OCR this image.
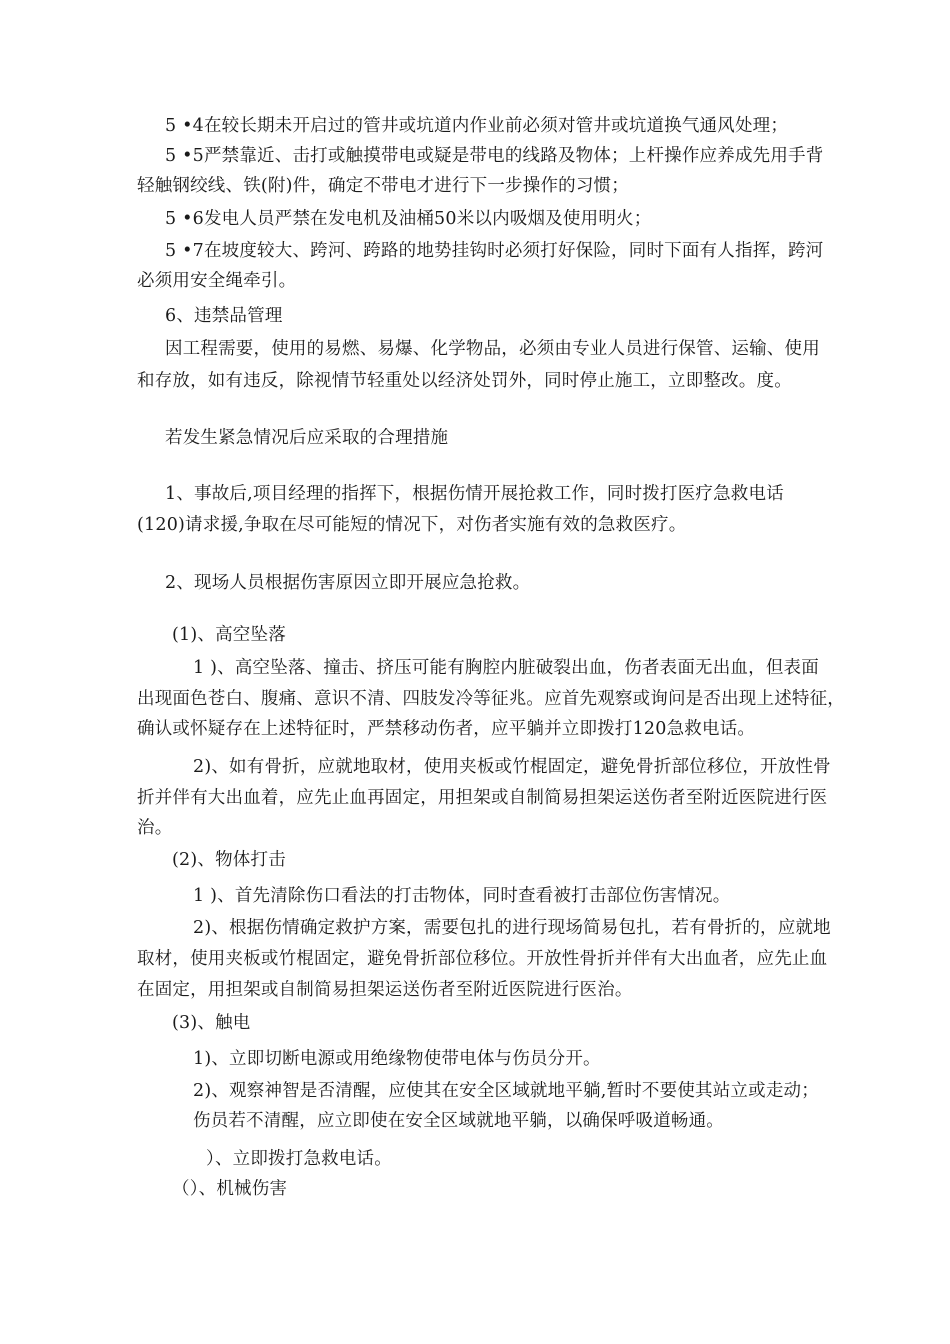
5 •4在较长期未开启过的管井或坑道内作业前必须对管井或坑道换气通风处理；
5 •5严禁靠近、击打或触摸带电或疑是带电的线路及物体；上杆操作应养成先用手背
轻触钢绞线、铁(附)件，确定不带电才进行下一步操作的习惯；
5 •6发电人员严禁在发电机及油桶50米以内吸烟及使用明火；
5 •7在坡度较大、跨河、跨路的地势挂钩时必须打好保险，同时下面有人指挥，跨河
必须用安全绳牵引。
6、违禁品管理
因工程需要，使用的易燃、易爆、化学物品，必须由专业人员进行保管、运输、使用
和存放，如有违反，除视情节轻重处以经济处罚外，同时停止施工，立即整改。度。
若发生紧急情况后应采取的合理措施
1、事故后,项目经理的指挥下，根据伤情开展抢救工作，同时拨打医疗急救电话
(120)请求援,争取在尽可能短的情况下，对伤者实施有效的急救医疗。
2、现场人员根据伤害原因立即开展应急抢救。
(1)、高空坠落
1 )、高空坠落、撞击、挤压可能有胸腔内脏破裂出血，伤者表面无出血，但表面
出现面色苍白、腹痛、意识不清、四肢发冷等征兆。应首先观察或询问是否出现上述特征，
确认或怀疑存在上述特征时，严禁移动伤者，应平躺并立即拨打120急救电话。
2)、如有骨折，应就地取材，使用夹板或竹棍固定，避免骨折部位移位，开放性骨
折并伴有大出血着，应先止血再固定，用担架或自制简易担架运送伤者至附近医院进行医
治。
(2)、物体打击
1 )、首先清除伤口看法的打击物体，同时查看被打击部位伤害情况。
2)、根据伤情确定救护方案，需要包扎的进行现场简易包扎，若有骨折的，应就地
取材，使用夹板或竹棍固定，避免骨折部位移位。开放性骨折并伴有大出血者，应先止血
在固定，用担架或自制简易担架运送伤者至附近医院进行医治。
(3)、触电
1)、立即切断电源或用绝缘物使带电体与伤员分开。
2)、观察神智是否清醒，应使其在安全区域就地平躺,暂时不要使其站立或走动；
伤员若不清醒，应立即使在安全区域就地平躺，以确保呼吸道畅通。
）、立即拨打急救电话。
（）、机械伤害
